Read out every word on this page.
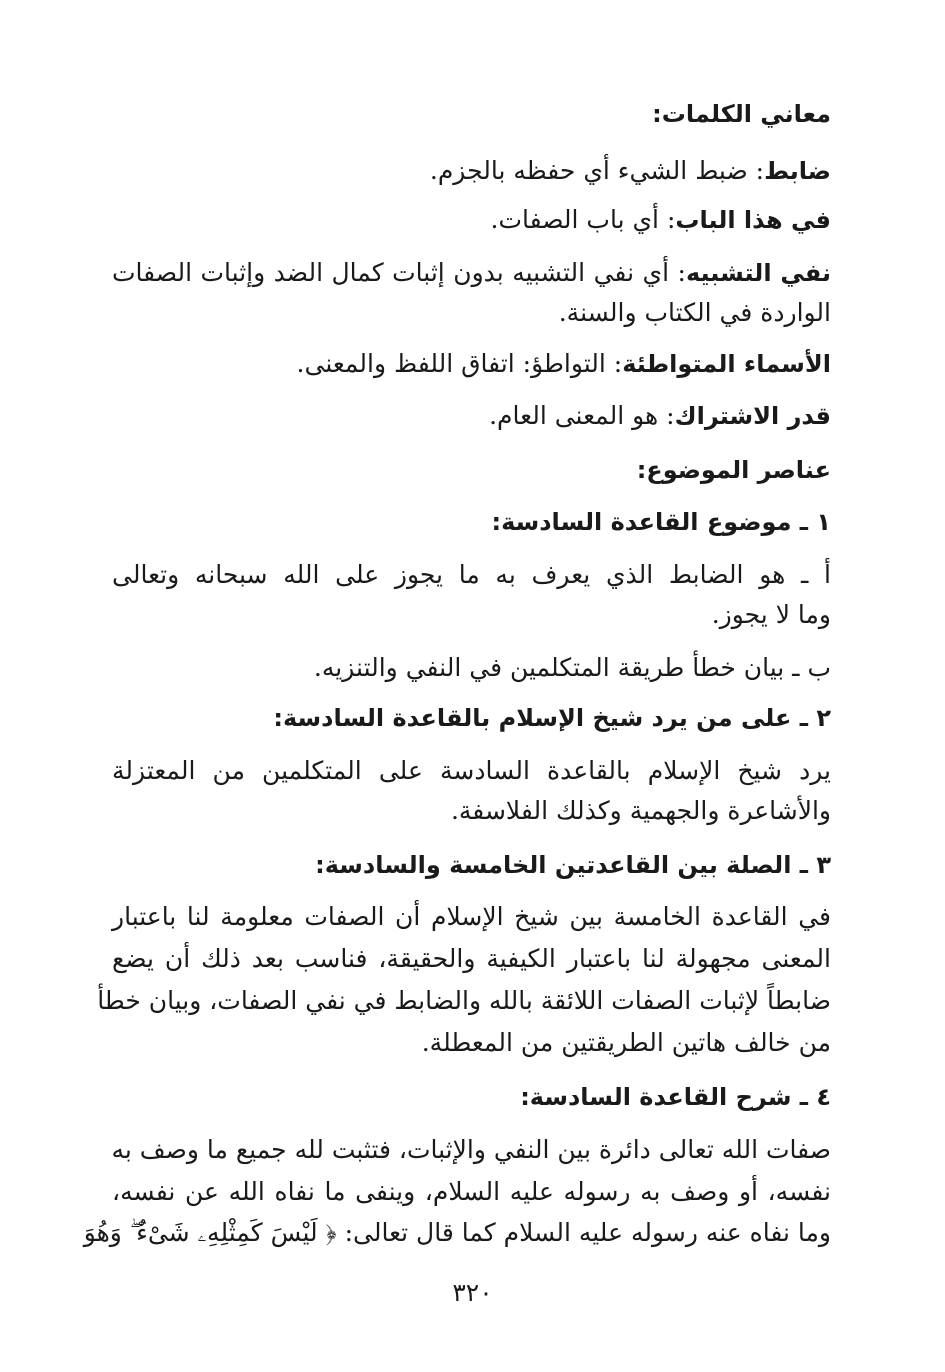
معاني الكلمات:
ضابط: ضبط الشيء أي حفظه بالجزم.
في هذا الباب: أي باب الصفات.
نفي التشبيه: أي نفي التشبيه بدون إثبات كمال الضد وإثبات الصفات
الواردة في الكتاب والسنة.
الأسماء المتواطئة: التواطؤ: اتفاق اللفظ والمعنى.
قدر الاشتراك: هو المعنى العام.
عناصر الموضوع:
١ ـ موضوع القاعدة السادسة:
أ ـ هو الضابط الذي يعرف به ما يجوز على الله سبحانه وتعالى
وما لا يجوز.
ب ـ بيان خطأ طريقة المتكلمين في النفي والتنزيه.
٢ ـ على من يرد شيخ الإسلام بالقاعدة السادسة:
يرد شيخ الإسلام بالقاعدة السادسة على المتكلمين من المعتزلة
والأشاعرة والجهمية وكذلك الفلاسفة.
٣ ـ الصلة بين القاعدتين الخامسة والسادسة:
في القاعدة الخامسة بين شيخ الإسلام أن الصفات معلومة لنا باعتبار
المعنى مجهولة لنا باعتبار الكيفية والحقيقة، فناسب بعد ذلك أن يضع
ضابطاً لإثبات الصفات اللائقة بالله والضابط في نفي الصفات، وبيان خطأ
من خالف هاتين الطريقتين من المعطلة.
٤ ـ شرح القاعدة السادسة:
صفات الله تعالى دائرة بين النفي والإثبات، فتثبت لله جميع ما وصف به
نفسه، أو وصف به رسوله عليه السلام، وينفى ما نفاه الله عن نفسه،
وما نفاه عنه رسوله عليه السلام كما قال تعالى: ﴿ لَيْسَ كَمِثْلِهِۦ شَىْءٌ ۖ وَهُوَ
٣٢٠
